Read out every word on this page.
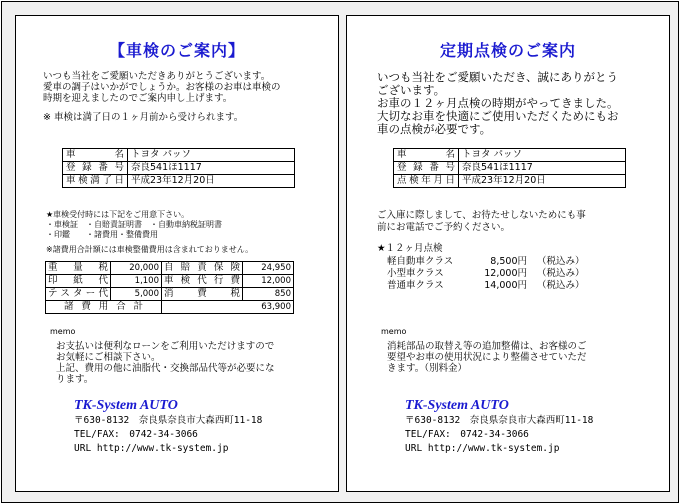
【車検のご案内】
いつも当社をご愛願いただきありがとうございます。
愛車の調子はいかがでしょうか。お客様のお車は車検の
時期を迎えましたのでご案内申し上げます。
※ 車検は満了日の１ヶ月前から受けられます。
車　名	トヨタ パッソ
登録番号	奈良541ほ1117
車検満了日	平成23年12月20日
★車検受付時には下記をご用意下さい。
・車検証　・自賠責証明書　・自動車納税証明書
・印鑑　　・諸費用・整備費用
※諸費用合計額には車検整備費用は含まれておりません。
重量税	20,000	自賠責保険	24,950
印紙代	1,100	車検代行費	12,000
テスター代	5,000	消費税	850
諸費用合計		63,900	
memo
お支払いは便利なローンをご利用いただけますので
お気軽にご相談下さい。
上記、費用の他に油脂代・交換部品代等が必要にな
ります。
TK-System AUTO
〒630-8132　奈良県奈良市大森西町11-18
TEL/FAX:　0742-34-3066
URL http://www.tk-system.jp
定期点検のご案内
いつも当社をご愛願いただき、誠にありがとう
ございます。
お車の１２ヶ月点検の時期がやってきました。
大切なお車を快適にご使用いただくためにもお
車の点検が必要です。
車　名	トヨタ パッソ
登録番号	奈良541ほ1117
点検年月日	平成23年12月20日
ご入庫に際しまして、お待たせしないためにも事
前にお電話でご予約ください。
★１２ヶ月点検
軽自動車クラス	8,500円 （税込み）
小型車クラス	12,000円 （税込み）
普通車クラス	14,000円 （税込み）
memo
消耗部品の取替え等の追加整備は、お客様のご
要望やお車の使用状況により整備させていただ
きます。（別料金）
TK-System AUTO
〒630-8132　奈良県奈良市大森西町11-18
TEL/FAX:　0742-34-3066
URL http://www.tk-system.jp
